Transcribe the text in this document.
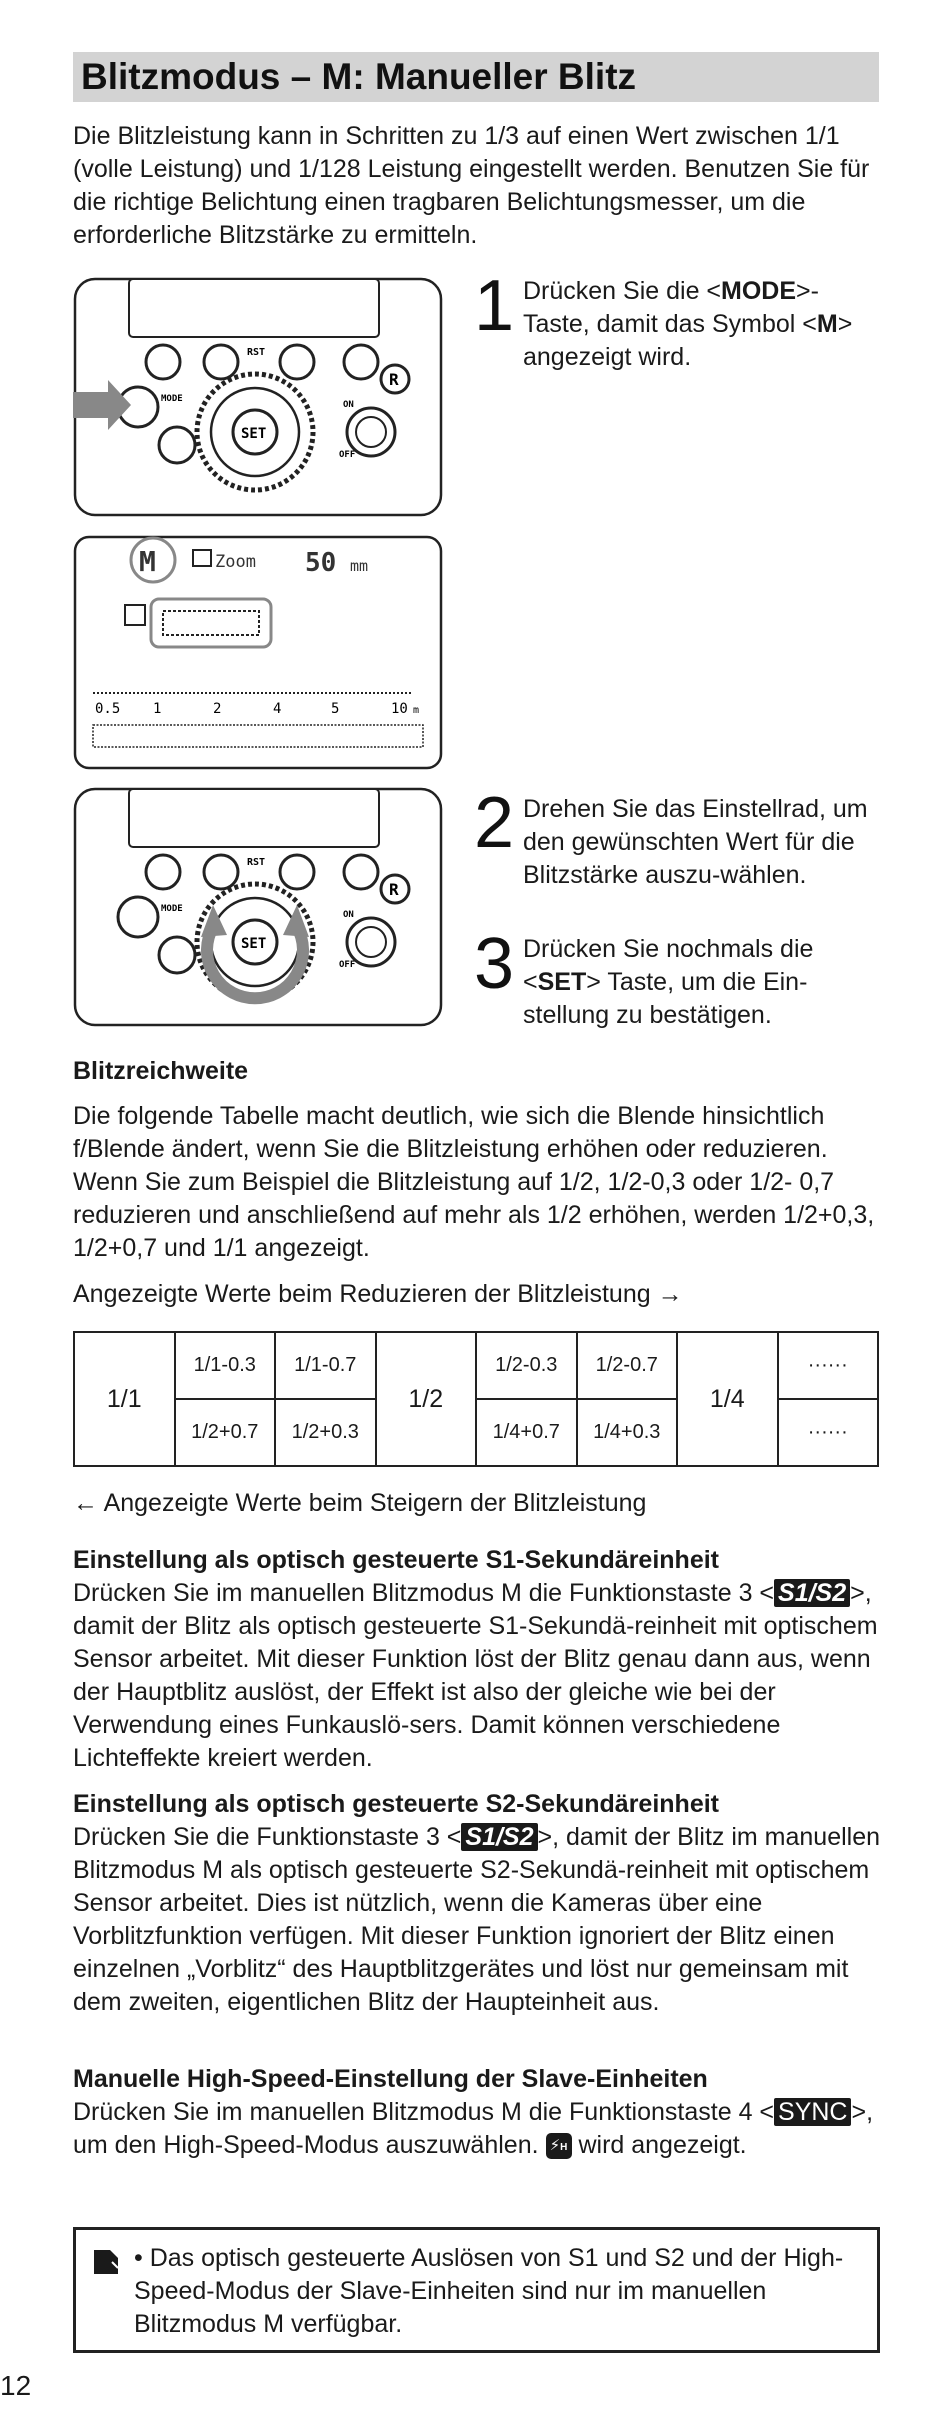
Blitzmodus – M: Manueller Blitz
Die Blitzleistung kann in Schritten zu 1/3 auf einen Wert zwischen 1/1 (volle Leistung) und 1/128 Leistung eingestellt werden. Benutzen Sie für die richtige Belichtung einen tragbaren Belichtungsmesser, um die erforderliche Blitzstärke zu ermitteln.
RST
R
MODE
SET
ON
OFF
M	Zoom 50 mm
0.5 1	2	4	5	10 m
RST
R
MODE
SET
ON
OFF
1 Drücken Sie die <MODE>-Taste, damit das Symbol <M> angezeigt wird.
2 Drehen Sie das Einstellrad, um den gewünschten Wert für die Blitzstärke auszu-wählen.
3 Drücken Sie nochmals die <SET> Taste, um die Ein-stellung zu bestätigen.
Blitzreichweite
Die folgende Tabelle macht deutlich, wie sich die Blende hinsichtlich f/Blende ändert, wenn Sie die Blitzleistung erhöhen oder reduzieren. Wenn Sie zum Beispiel die Blitzleistung auf 1/2, 1/2-0,3 oder 1/2- 0,7 reduzieren und anschließend auf mehr als 1/2 erhöhen, werden 1/2+0,3, 1/2+0,7 und 1/1 angezeigt.
Angezeigte Werte beim Reduzieren der Blitzleistung →
1/1	1/1-0.3	1/1-0.7	1/2	1/2-0.3	1/2-0.7	1/4	······
	1/2+0.7	1/2+0.3		1/4+0.7	1/4+0.3		······
← Angezeigte Werte beim Steigern der Blitzleistung
Einstellung als optisch gesteuerte S1-Sekundäreinheit
Drücken Sie im manuellen Blitzmodus M die Funktionstaste 3 < S1/S2 >, damit der Blitz als optisch gesteuerte S1-Sekundä-reinheit mit optischem Sensor arbeitet. Mit dieser Funktion löst der Blitz genau dann aus, wenn der Hauptblitz auslöst, der Effekt ist also der gleiche wie bei der Verwendung eines Funkauslö-sers. Damit können verschiedene Lichteffekte kreiert werden.
Einstellung als optisch gesteuerte S2-Sekundäreinheit
Drücken Sie die Funktionstaste 3 < S1/S2 >, damit der Blitz im manuellen Blitzmodus M als optisch gesteuerte S2-Sekundä-reinheit mit optischem Sensor arbeitet. Dies ist nützlich, wenn die Kameras über eine Vorblitzfunktion verfügen. Mit dieser Funktion ignoriert der Blitz einen einzelnen „Vorblitz“ des Hauptblitzgerätes und löst nur gemeinsam mit dem zweiten, eigentlichen Blitz der Haupteinheit aus.
Manuelle High-Speed-Einstellung der Slave-Einheiten
Drücken Sie im manuellen Blitzmodus M die Funktionstaste 4 < SYNC >, um den High-Speed-Modus auszuwählen. ⚡H wird angezeigt.
• Das optisch gesteuerte Auslösen von S1 und S2 und der High-Speed-Modus der Slave-Einheiten sind nur im manuellen Blitzmodus M verfügbar.
12
